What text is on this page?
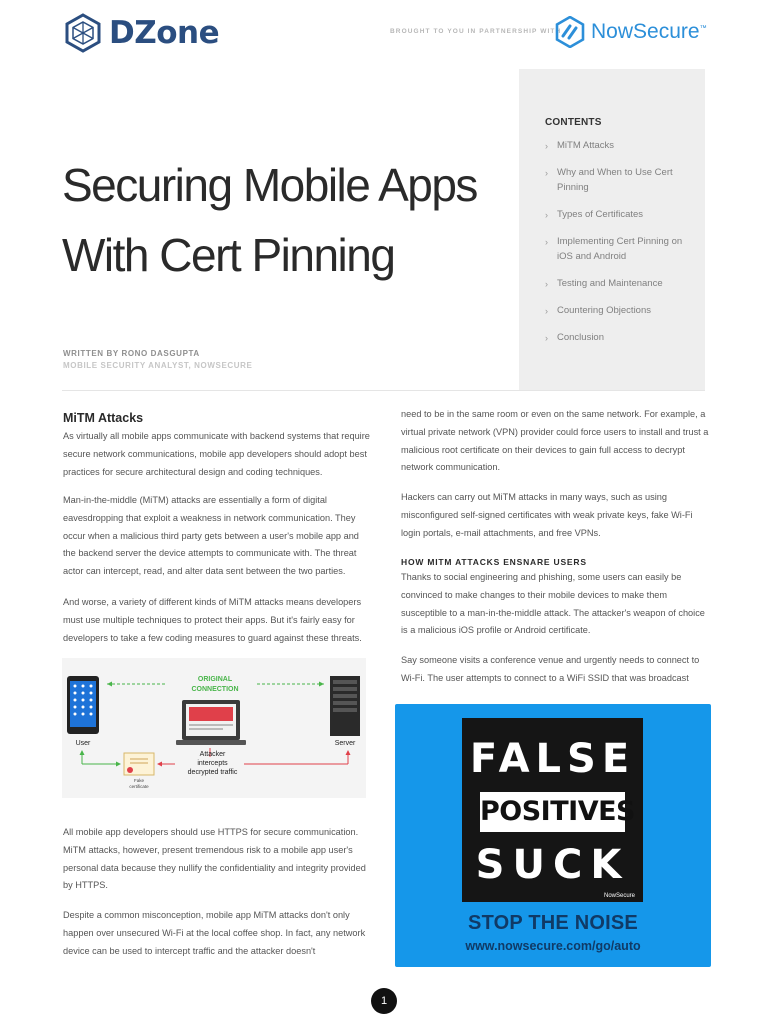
DZone	BROUGHT TO YOU IN PARTNERSHIP WITH NowSecure™
Securing Mobile Apps
With Cert Pinning
WRITTEN BY RONO DASGUPTA
MOBILE SECURITY ANALYST, NOWSECURE
CONTENTS
› MiTM Attacks
› Why and When to Use Cert Pinning
› Types of Certificates
› Implementing Cert Pinning on iOS and Android
› Testing and Maintenance
› Countering Objections
› Conclusion
MiTM Attacks
As virtually all mobile apps communicate with backend systems that require secure network communications, mobile app developers should adopt best practices for secure architectural design and coding techniques.
Man-in-the-middle (MiTM) attacks are essentially a form of digital eavesdropping that exploit a weakness in network communication. They occur when a malicious third party gets between a user's mobile app and the backend server the device attempts to communicate with. The threat actor can intercept, read, and alter data sent between the two parties.
And worse, a variety of different kinds of MiTM attacks means developers must use multiple techniques to protect their apps. But it's fairly easy for developers to take a few coding measures to guard against these threats.
ORIGINAL
CONNECTION
User	Server
Attacker
intercepts
decrypted traffic
Fake
certificate
All mobile app developers should use HTTPS for secure communication. MiTM attacks, however, present tremendous risk to a mobile app user's personal data because they nullify the confidentiality and integrity provided by HTTPS.
Despite a common misconception, mobile app MiTM attacks don't only happen over unsecured Wi-Fi at the local coffee shop. In fact, any network device can be used to intercept traffic and the attacker doesn't
need to be in the same room or even on the same network. For example, a virtual private network (VPN) provider could force users to install and trust a malicious root certificate on their devices to gain full access to decrypt network communication.
Hackers can carry out MiTM attacks in many ways, such as using misconfigured self-signed certificates with weak private keys, fake Wi-Fi login portals, e-mail attachments, and free VPNs.
HOW MITM ATTACKS ENSNARE USERS
Thanks to social engineering and phishing, some users can easily be convinced to make changes to their mobile devices to make them susceptible to a man-in-the-middle attack. The attacker's weapon of choice is a malicious iOS profile or Android certificate.
Say someone visits a conference venue and urgently needs to connect to Wi-Fi. The user attempts to connect to a WiFi SSID that was broadcast
FALSE
POSITIVES
SUCK
NowSecure
STOP THE NOISE
www.nowsecure.com/go/auto
1
